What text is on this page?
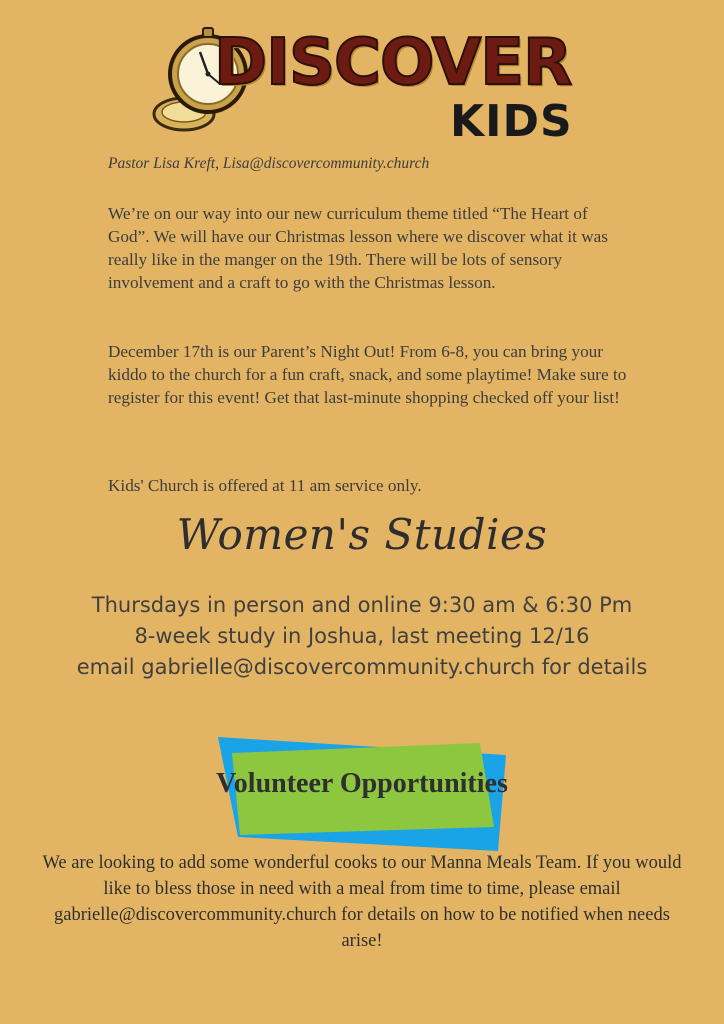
DISCOVER
KIDS
Pastor Lisa Kreft, Lisa@discovercommunity.church

We’re on our way into our new curriculum theme titled “The Heart of God”. We will have our Christmas lesson where we discover what it was really like in the manger on the 19th. There will be lots of sensory involvement and a craft to go with the Christmas lesson.

December 17th is our Parent’s Night Out! From 6-8, you can bring your kiddo to the church for a fun craft, snack, and some playtime! Make sure to register for this event! Get that last-minute shopping checked off your list!

Kids' Church is offered at 11 am service only.

Women's Studies
Thursdays in person and online 9:30 am & 6:30 Pm
8-week study in Joshua, last meeting 12/16
email gabrielle@discovercommunity.church for details
Volunteer Opportunities

We are looking to add some wonderful cooks to our Manna Meals Team. If you would like to bless those in need with a meal from time to time, please email gabrielle@discovercommunity.church for details on how to be notified when needs arise!
